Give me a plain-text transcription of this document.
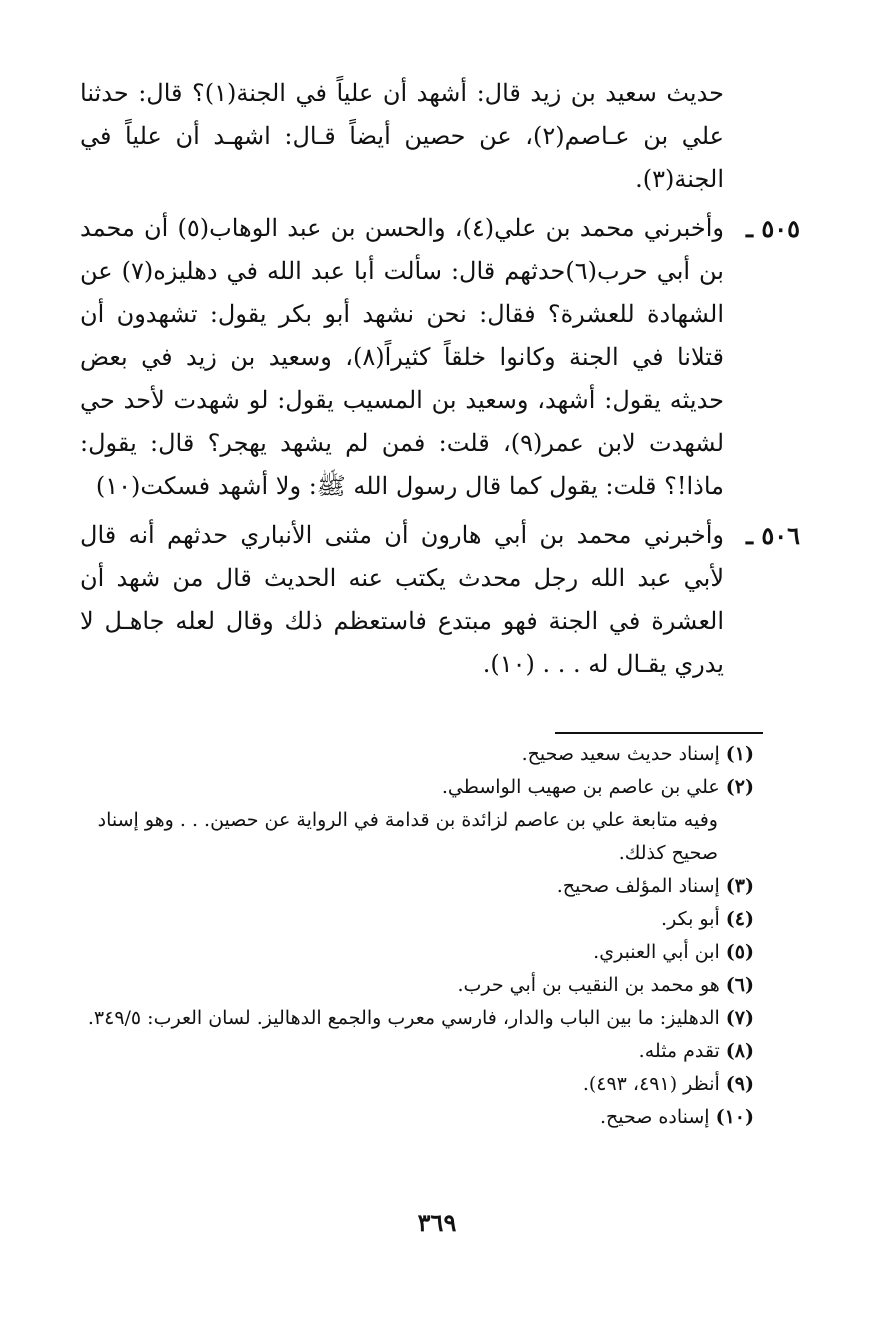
حديث سعيد بن زيد قال: أشهد أن علياً في الجنة(١)؟ قال: حدثنا علي بن عـاصم(٢)، عن حصين أيضاً قـال: اشهـد أن علياً في الجنة(٣).

٥٠٥ ـ

وأخبرني محمد بن علي(٤)، والحسن بن عبد الوهاب(٥) أن محمد بن أبي حرب(٦)حدثهم قال: سألت أبا عبد الله في دهليزه(٧) عن الشهادة للعشرة؟ فقال: نحن نشهد أبو بكر يقول: تشهدون أن قتلانا في الجنة وكانوا خلقاً كثيراً(٨)، وسعيد بن زيد في بعض حديثه يقول: أشهد، وسعيد بن المسيب يقول: لو شهدت لأحد حي لشهدت لابن عمر(٩)، قلت: فمن لم يشهد يهجر؟ قال: يقول: ماذا!؟ قلت: يقول كما قال رسول الله ﷺ: ولا أشهد فسكت(١٠)

٥٠٦ ـ

وأخبرني محمد بن أبي هارون أن مثنى الأنباري حدثهم أنه قال لأبي عبد الله رجل محدث يكتب عنه الحديث قال من شهد أن العشرة في الجنة فهو مبتدع فاستعظم ذلك وقال لعله جاهـل لا يدري يقـال له . . . (١٠).

(١)إسناد حديث سعيد صحيح.

(٢)علي بن عاصم بن صهيب الواسطي.

وفيه متابعة علي بن عاصم لزائدة بن قدامة في الرواية عن حصين. . . وهو إسناد صحيح كذلك.

(٣)إسناد المؤلف صحيح.

(٤)أبو بكر.

(٥)ابن أبي العنبري.

(٦)هو محمد بن النقيب بن أبي حرب.

(٧)الدهليز: ما بين الباب والدار، فارسي معرب والجمع الدهاليز. لسان العرب: ٣٤٩/٥.

(٨)تقدم مثله.

(٩)أنظر (٤٩١، ٤٩٣).

(١٠)إسناده صحيح.

٣٦٩
